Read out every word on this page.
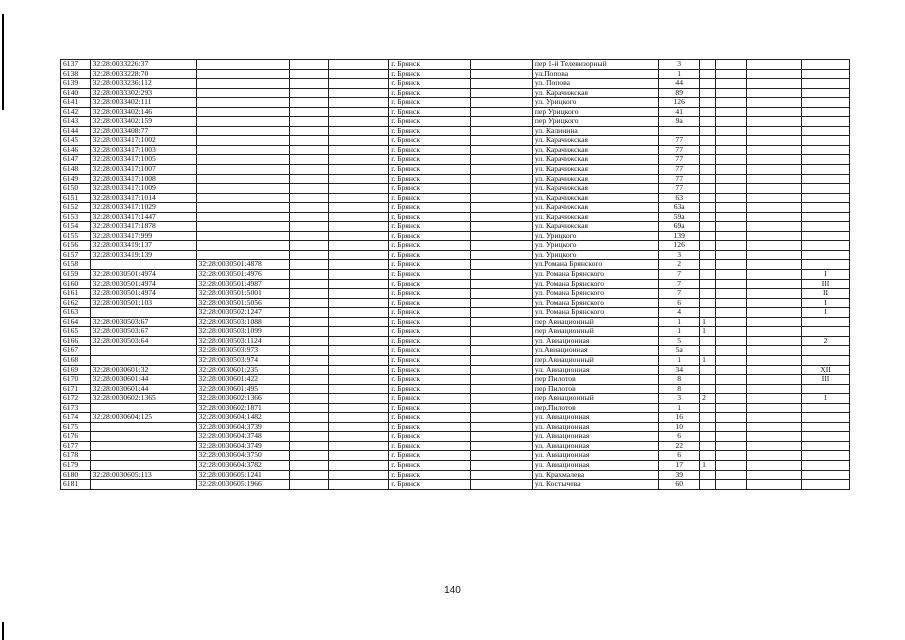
6137	32:28:0033226:37				г. Брянск		пер 1-й Телевизорный	3				
6138	32:28:0033228:70				г. Брянск		ул.Попова	1				
6139	32:28:0033236:112				г. Брянск		ул. Попова	44				
6140	32:28:0033302:293				г. Брянск		ул. Карачижская	89				
6141	32:28:0033402:111				г. Брянск		ул. Урицкого	126				
6142	32:28:0033402:146				г. Брянск		пер Урицкого	41				
6143	32:28:0033402:159				г. Брянск		пер Урицкого	9а				
6144	32:28:0033408:77				г. Брянск		ул. Калинина					
6145	32:28:0033417:1002				г. Брянск		ул. Карачижская	77				
6146	32:28:0033417:1003				г. Брянск		ул. Карачижская	77				
6147	32:28:0033417:1005				г. Брянск		ул. Карачижская	77				
6148	32:28:0033417:1007				г. Брянск		ул. Карачижская	77				
6149	32:28:0033417:1008				г. Брянск		ул. Карачижская	77				
6150	32:28:0033417:1009				г. Брянск		ул. Карачижская	77				
6151	32:28:0033417:1014				г. Брянск		ул. Карачижская	63				
6152	32:28:0033417:1029				г. Брянск		ул. Карачижская	63а				
6153	32:28:0033417:1447				г. Брянск		ул. Карачижская	59а				
6154	32:28:0033417:1878				г. Брянск		ул. Карачижская	69а				
6155	32:28:0033417:999				г. Брянск		ул. Урицкого	139				
6156	32:28:0033419:137				г. Брянск		ул. Урицкого	126				
6157	32:28:0033419:139				г. Брянск		ул. Урицкого	3				
6158		32:28:0030501:4878			г. Брянск		ул.Романа Брянского	2				
6159	32:28:0030501:4974	32:28:0030501:4976			г. Брянск		ул. Романа Брянского	7				I
6160	32:28:0030501:4974	32:28:0030501:4987			г. Брянск		ул. Романа Брянского	7				III
6161	32:28:0030501:4974	32:28:0030501:5001			г. Брянск		ул. Романа Брянского	7				II
6162	32:28:0030501:103	32:28:0030501:5056			г. Брянск		ул. Романа Брянского	6				I
6163		32:28:0030502:1247			г. Брянск		ул. Романа Брянского	4				I
6164	32:28:0030503:67	32:28:0030503:1088			г. Брянск		пер Авиационный	1	1			
6165	32:28:0030503:67	32:28:0030503:1099			г. Брянск		пер Авиационный	1	1			
6166	32:28:0030503:64	32:28:0030503:1124			г. Брянск		ул. Авиационная	5				2
6167		32:28:0030503:973			г. Брянск		ул.Авиационная	5а				
6168		32:28:0030503:974			г. Брянск		пер.Авиационный	1	1			
6169	32:28:0030601:32	32:28:0030601:235			г. Брянск		ул. Авиационная	34				XII
6170	32:28:0030601:44	32:28:0030601:422			г. Брянск		пер Пилотов	8				III
6171	32:28:0030601:44	32:28:0030601:495			г. Брянск		пер Пилотов	8				
6172	32:28:0030602:1365	32:28:0030602:1366			г. Брянск		пер Авиационный	3	2			1
6173		32:28:0030602:1871			г. Брянск		пер.Пилотов	1				
6174	32:28:0030604:125	32:28:0030604:1482			г. Брянск		ул. Авиационная	16				
6175		32:28:0030604:3739			г. Брянск		ул. Авиационная	10				
6176		32:28:0030604:3748			г. Брянск		ул. Авиационная	6				
6177		32:28:0030604:3749			г. Брянск		ул. Авиационная	22				
6178		32:28:0030604:3750			г. Брянск		ул. Авиационная	6				
6179		32:28:0030604:3782			г. Брянск		ул. Авиационная	17	1			
6180	32:28:0030605:113	32:28:0030605:1241			г. Брянск		ул. Крахмалева	39				
6181		32:28:0030605:1966			г. Брянск		ул. Костычева	60				
140
